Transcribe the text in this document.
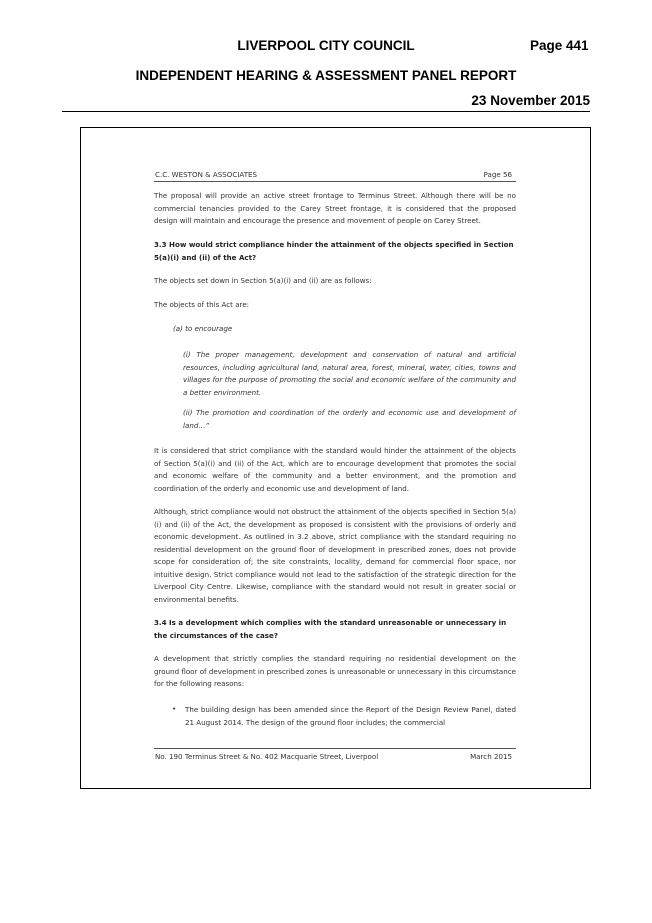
LIVERPOOL CITY COUNCIL	Page 441
INDEPENDENT HEARING & ASSESSMENT PANEL REPORT
23 November 2015
C.C. WESTON & ASSOCIATES	Page 56
The proposal will provide an active street frontage to Terminus Street. Although there will be no commercial tenancies provided to the Carey Street frontage, it is considered that the proposed design will maintain and encourage the presence and movement of people on Carey Street.
3.3 How would strict compliance hinder the attainment of the objects specified in Section 5(a)(i) and (ii) of the Act?
The objects set down in Section 5(a)(i) and (ii) are as follows:
The objects of this Act are:
(a) to encourage
(i) The proper management, development and conservation of natural and artificial resources, including agricultural land, natural area, forest, mineral, water, cities, towns and villages for the purpose of promoting the social and economic welfare of the community and a better environment.
(ii) The promotion and coordination of the orderly and economic use and development of land…”
It is considered that strict compliance with the standard would hinder the attainment of the objects of Section 5(a)(i) and (ii) of the Act, which are to encourage development that promotes the social and economic welfare of the community and a better environment, and the promotion and coordination of the orderly and economic use and development of land.
Although, strict compliance would not obstruct the attainment of the objects specified in Section 5(a)(i) and (ii) of the Act, the development as proposed is consistent with the provisions of orderly and economic development. As outlined in 3.2 above, strict compliance with the standard requiring no residential development on the ground floor of development in prescribed zones, does not provide scope for consideration of; the site constraints, locality, demand for commercial floor space, nor intuitive design. Strict compliance would not lead to the satisfaction of the strategic direction for the Liverpool City Centre. Likewise, compliance with the standard would not result in greater social or environmental benefits.
3.4 Is a development which complies with the standard unreasonable or unnecessary in the circumstances of the case?
A development that strictly complies the standard requiring no residential development on the ground floor of development in prescribed zones is unreasonable or unnecessary in this circumstance for the following reasons:
• The building design has been amended since the Report of the Design Review Panel, dated 21 August 2014. The design of the ground floor includes; the commercial
No. 190 Terminus Street & No. 402 Macquarie Street, Liverpool	March 2015
